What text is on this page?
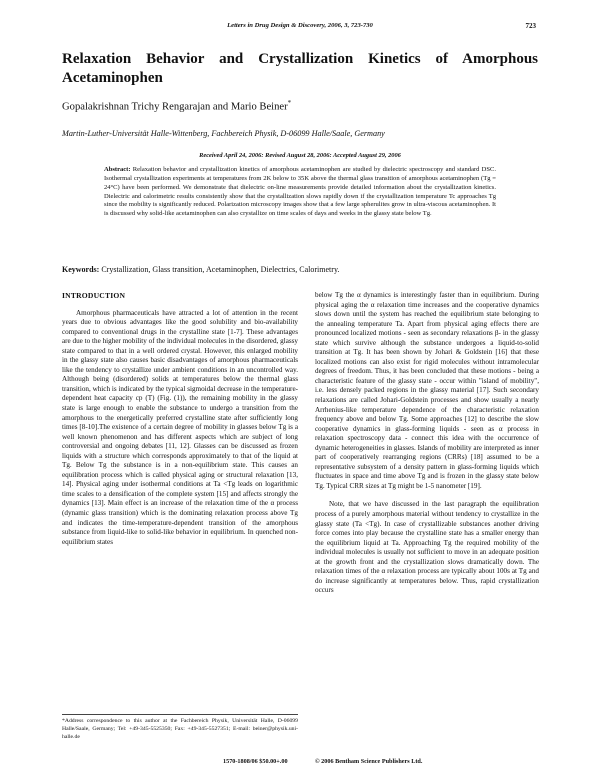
Letters in Drug Design & Discovery, 2006, 3, 723-730	723
Relaxation Behavior and Crystallization Kinetics of Amorphous
Acetaminophen
Gopalakrishnan Trichy Rengarajan and Mario Beiner*
Martin-Luther-Universität Halle-Wittenberg, Fachbereich Physik, D-06099 Halle/Saale, Germany
Received April 24, 2006: Revised August 28, 2006: Accepted August 29, 2006
Abstract: Relaxation behavior and crystallization kinetics of amorphous acetaminophen are studied by dielectric spectroscopy and standard DSC. Isothermal crystallization experiments at temperatures from 2K below to 35K above the thermal glass transition of amorphous acetaminophen (Tg = 24°C) have been performed. We demonstrate that dielectric on-line measurements provide detailed information about the crystallization kinetics. Dielectric and calorimetric results consistently show that the crystallization slows rapidly down if the crystallization temperature Tc approaches Tg since the mobility is significantly reduced. Polarization microscopy images show that a few large spherulites grow in ultra-viscous acetaminophen. It is discussed why solid-like acetaminophen can also crystallize on time scales of days and weeks in the glassy state below Tg.
Keywords: Crystallization, Glass transition, Acetaminophen, Dielectrics, Calorimetry.
INTRODUCTION

Amorphous pharmaceuticals have attracted a lot of attention in the recent years due to obvious advantages like the good solubility and bio-availability compared to conventional drugs in the crystalline state [1-7]. These advantages are due to the higher mobility of the individual molecules in the disordered, glassy state compared to that in a well ordered crystal. However, this enlarged mobility in the glassy state also causes basic disadvantages of amorphous pharmaceuticals like the tendency to crystallize under ambient conditions in an uncontrolled way. Although being (disordered) solids at temperatures below the thermal glass transition, which is indicated by the typical sigmoidal decrease in the temperature-dependent heat capacity cp (T) (Fig. (1)), the remaining mobility in the glassy state is large enough to enable the substance to undergo a transition from the amorphous to the energetically preferred crystalline state after sufficiently long times [8-10].The existence of a certain degree of mobility in glasses below Tg is a well known phenomenon and has different aspects which are subject of long controversial and ongoing debates [11, 12]. Glasses can be discussed as frozen liquids with a structure which corresponds approximately to that of the liquid at Tg. Below Tg the substance is in a non-equilibrium state. This causes an equilibration process which is called physical aging or structural relaxation [13, 14]. Physical aging under isothermal conditions at Ta <Tg leads on logarithmic time scales to a densification of the complete system [15] and affects strongly the dynamics [13]. Main effect is an increase of the relaxation time of the α process (dynamic glass transition) which is the dominating relaxation process above Tg and indicates the time-temperature-dependent transition of the amorphous substance from liquid-like to solid-like behavior in equilibrium. In quenched non-equilibrium states

below Tg the α dynamics is interestingly faster than in equilibrium. During physical aging the α relaxation time increases and the cooperative dynamics slows down until the system has reached the equilibrium state belonging to the annealing temperature Ta. Apart from physical aging effects there are pronounced localized motions - seen as secondary relaxations β- in the glassy state which survive although the substance undergoes a liquid-to-solid transition at Tg. It has been shown by Johari & Goldstein [16] that these localized motions can also exist for rigid molecules without intramolecular degrees of freedom. Thus, it has been concluded that these motions - being a characteristic feature of the glassy state - occur within "island of mobility", i.e. less densely packed regions in the glassy material [17]. Such secondary relaxations are called Johari-Goldstein processes and show usually a nearly Arrhenius-like temperature dependence of the characteristic relaxation frequency above and below Tg. Some approaches [12] to describe the slow cooperative dynamics in glass-forming liquids - seen as α process in relaxation spectroscopy data - connect this idea with the occurrence of dynamic heterogeneities in glasses. Islands of mobility are interpreted as inner part of cooperatively rearranging regions (CRRs) [18] assumed to be a representative subsystem of a density pattern in glass-forming liquids which fluctuates in space and time above Tg and is frozen in the glassy state below Tg. Typical CRR sizes at Tg might be 1-5 nanometer [19].

Note, that we have discussed in the last paragraph the equilibration process of a purely amorphous material without tendency to crystallize in the glassy state (Ta <Tg). In case of crystallizable substances another driving force comes into play because the crystalline state has a smaller energy than the equilibrium liquid at Ta. Approaching Tg the required mobility of the individual molecules is usually not sufficient to move in an adequate position at the growth front and the crystallization slows dramatically down. The relaxation times of the α relaxation process are typically about 100s at Tg and do increase significantly at temperatures below. Thus, rapid crystallization occurs

*Address correspondence to this author at the Fachbereich Physik, Universität Halle, D-06099 Halle/Saale, Germany; Tel: +49-345-5525350; Fax: +49-345-5527351; E-mail: beiner@physik.uni-halle.de
1570-1808/06 $50.00+.00	© 2006 Bentham Science Publishers Ltd.
